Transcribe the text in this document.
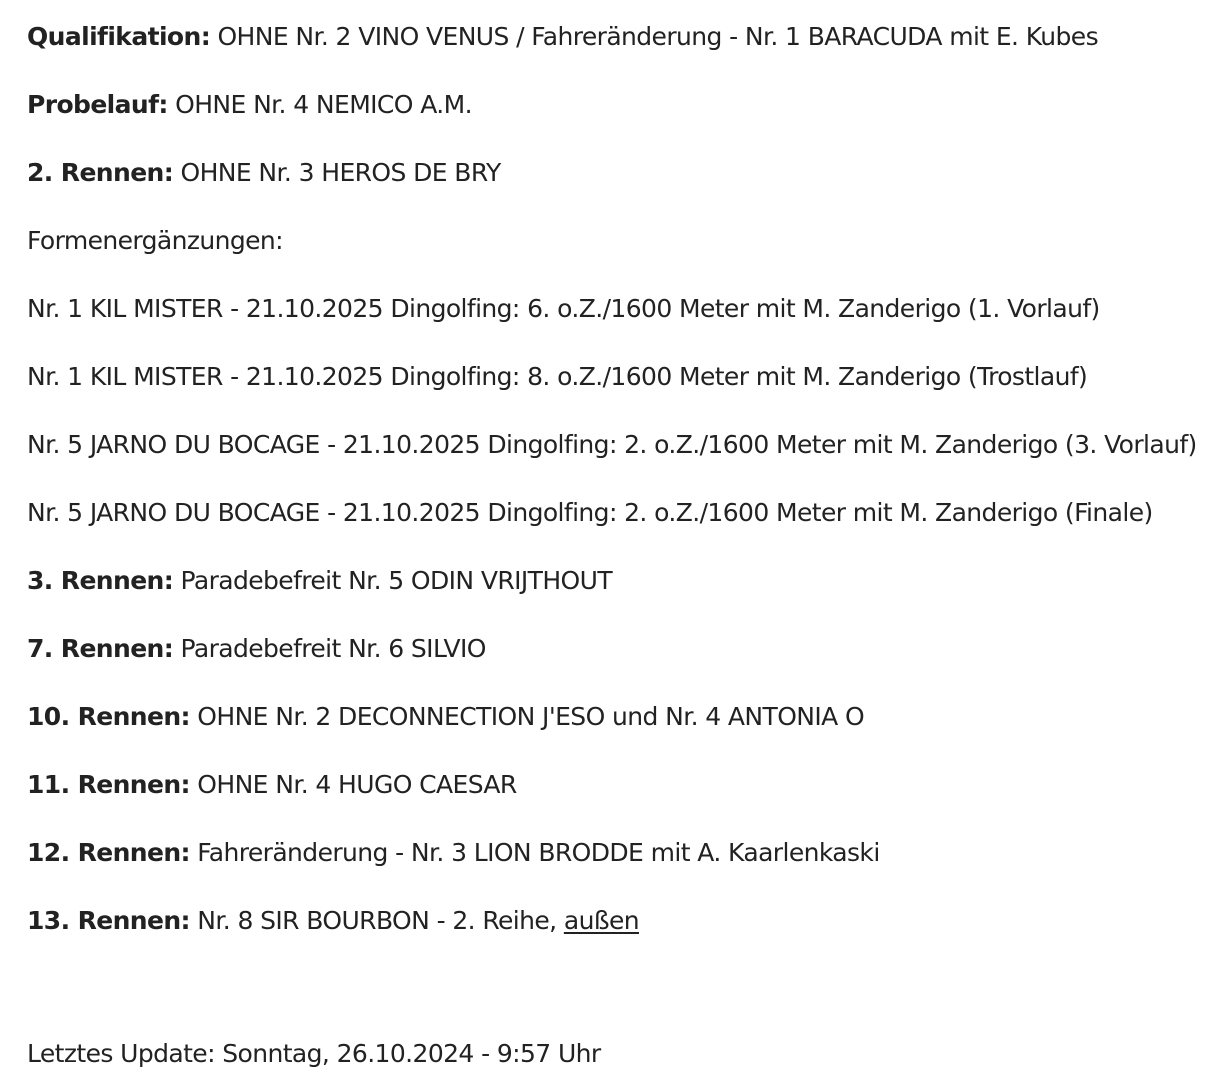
Qualifikation: OHNE Nr. 2 VINO VENUS / Fahreränderung - Nr. 1 BARACUDA mit E. Kubes
Probelauf: OHNE Nr. 4 NEMICO A.M.
2. Rennen: OHNE Nr. 3 HEROS DE BRY
Formenergänzungen:
Nr. 1 KIL MISTER - 21.10.2025 Dingolfing: 6. o.Z./1600 Meter mit M. Zanderigo (1. Vorlauf)
Nr. 1 KIL MISTER - 21.10.2025 Dingolfing: 8. o.Z./1600 Meter mit M. Zanderigo (Trostlauf)
Nr. 5 JARNO DU BOCAGE - 21.10.2025 Dingolfing: 2. o.Z./1600 Meter mit M. Zanderigo (3. Vorlauf)
Nr. 5 JARNO DU BOCAGE - 21.10.2025 Dingolfing: 2. o.Z./1600 Meter mit M. Zanderigo (Finale)
3. Rennen: Paradebefreit Nr. 5 ODIN VRIJTHOUT
7. Rennen: Paradebefreit Nr. 6 SILVIO
10. Rennen: OHNE Nr. 2 DECONNECTION J'ESO und Nr. 4 ANTONIA O
11. Rennen: OHNE Nr. 4 HUGO CAESAR
12. Rennen: Fahreränderung - Nr. 3 LION BRODDE mit A. Kaarlenkaski
13. Rennen: Nr. 8 SIR BOURBON - 2. Reihe, außen
Letztes Update: Sonntag, 26.10.2024 - 9:57 Uhr
